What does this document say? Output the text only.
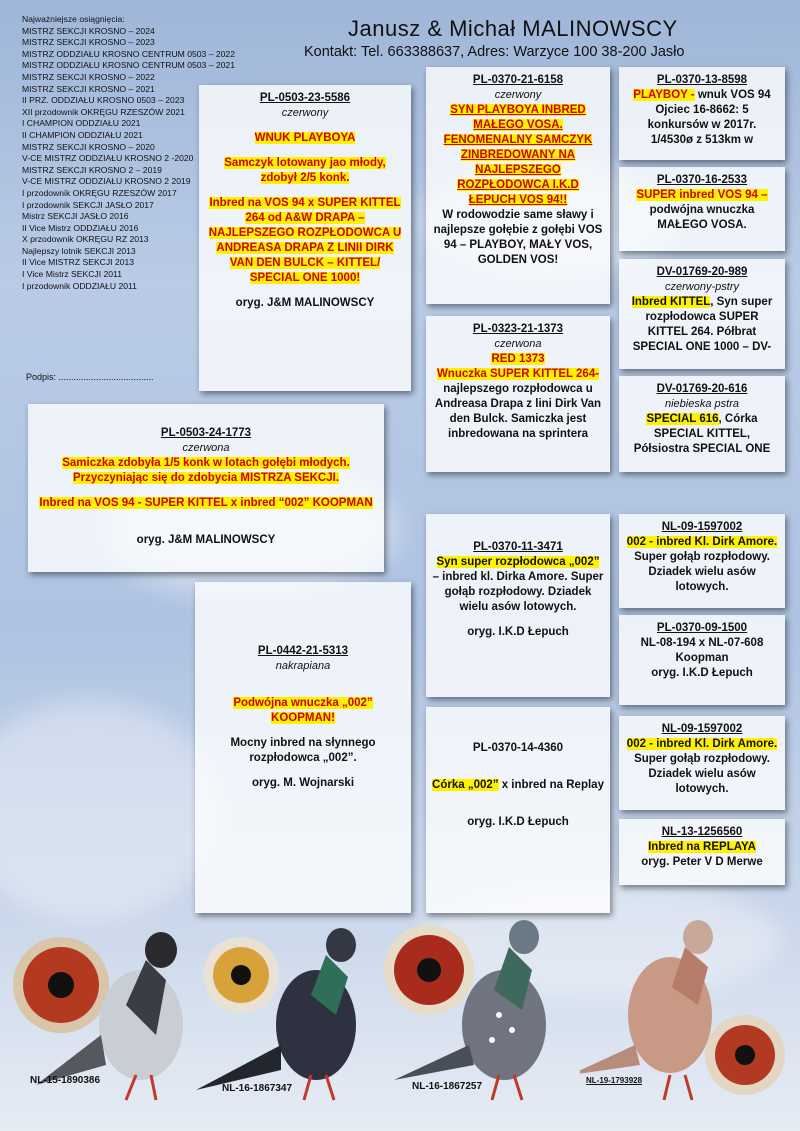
Najważniejsze osiągnięcia:
MISTRZ SEKCJI KROSNO – 2024
MISTRZ SEKCJI KROSNO – 2023
MISTRZ ODDZIAŁU KROSNO CENTRUM 0503 – 2022
MISTRZ ODDZIAŁU KROSNO CENTRUM 0503 – 2021
MISTRZ SEKCJI KROSNO – 2022
MISTRZ SEKCJI KROSNO – 2021
II PRZ. ODDZIAŁU KROSNO 0503 – 2023
XII przodownik OKRĘGU RZESZÓW 2021
I CHAMPION ODDZIAŁU 2021
II CHAMPION ODDZIAŁU 2021
MISTRZ SEKCJI KROSNO – 2020
V-CE MISTRZ ODDZIAŁU KROSNO 2 -2020
MISTRZ SEKCJI KROSNO 2 – 2019
V-CE MISTRZ ODDZIAŁU KROSNO 2 2019
I przodownik OKRĘGU RZESZÓW 2017
I przodownik SEKCJI JASŁO 2017
Mistrz SEKCJI JASŁO 2016
II Vice Mistrz ODDZIAŁU 2016
X przodownik OKRĘGU RZ 2013
Najlepszy lotnik SEKCJI 2013
II Vice MISTRZ SEKCJI 2013
I Vice Mistrz SEKCJI 2011
I przodownik ODDZIAŁU 2011
Janusz & Michał MALINOWSCY
Kontakt: Tel. 663388637, Adres: Warzyce 100 38-200 Jasło
Podpis: ......................................
PL-0503-23-5586
czerwony
WNUK PLAYBOYA
Samczyk lotowany jao młody, zdobył 2/5 konk.
Inbred na VOS 94 x SUPER KITTEL 264 od A&W DRAPA – NAJLEPSZEGO ROZPŁODOWCA U ANDREASA DRAPA Z LINII DIRK VAN DEN BULCK – KITTEL/ SPECIAL ONE 1000!
oryg. J&M MALINOWSCY
PL-0370-21-6158
czerwony
SYN PLAYBOYA INBRED MAŁEGO VOSA. FENOMENALNY SAMCZYK ZINBREDOWANY NA NAJLEPSZEGO ROZPŁODOWCA I.K.D ŁEPUCH VOS 94!!
W rodowodzie same sławy i najlepsze gołębie z gołębi VOS 94 – PLAYBOY, MAŁY VOS, GOLDEN VOS!
PL-0370-13-8598
PLAYBOY - wnuk VOS 94 Ojciec 16-8662: 5 konkursów w 2017r. 1/4530ø z 513km w
PL-0370-16-2533
SUPER inbred VOS 94 – podwójna wnuczka MAŁEGO VOSA.
DV-01769-20-989
czerwony-pstry
Inbred KITTEL, Syn super rozpłodowca SUPER KITTEL 264. Półbrat SPECIAL ONE 1000 – DV-
PL-0323-21-1373
czerwona
RED 1373
Wnuczka SUPER KITTEL 264- najlepszego rozpłodowca u Andreasa Drapa z lini Dirk Van den Bulck. Samiczka jest inbredowana na sprintera
DV-01769-20-616
niebieska pstra
SPECIAL 616, Córka SPECIAL KITTEL, Półsiostra SPECIAL ONE
PL-0503-24-1773
czerwona
Samiczka zdobyła 1/5 konk w lotach gołębi młodych. Przyczyniając się do zdobycia MISTRZA SEKCJI.
Inbred na VOS 94 - SUPER KITTEL x inbred “002” KOOPMAN
oryg. J&M MALINOWSCY
PL-0370-11-3471
Syn super rozpłodowca „002” – inbred kl. Dirka Amore. Super gołąb rozpłodowy. Dziadek wielu asów lotowych.
oryg. I.K.D Łepuch
NL-09-1597002
002 - inbred Kl. Dirk Amore. Super gołąb rozpłodowy. Dziadek wielu asów lotowych.
PL-0370-09-1500
NL-08-194 x NL-07-608 Koopman
oryg. I.K.D Łepuch
PL-0442-21-5313
nakrapiana
Podwójna wnuczka „002” KOOPMAN!
Mocny inbred na słynnego rozpłodowca „002”.
oryg. M. Wojnarski
PL-0370-14-4360
Córka „002” x inbred na Replay
oryg. I.K.D Łepuch
NL-09-1597002
002 - inbred Kl. Dirk Amore. Super gołąb rozpłodowy. Dziadek wielu asów lotowych.
NL-13-1256560
Inbred na REPLAYA
oryg. Peter V D Merwe
NL-15-1890386
NL-16-1867347	NL-16-1867257
NL-19-1793928
